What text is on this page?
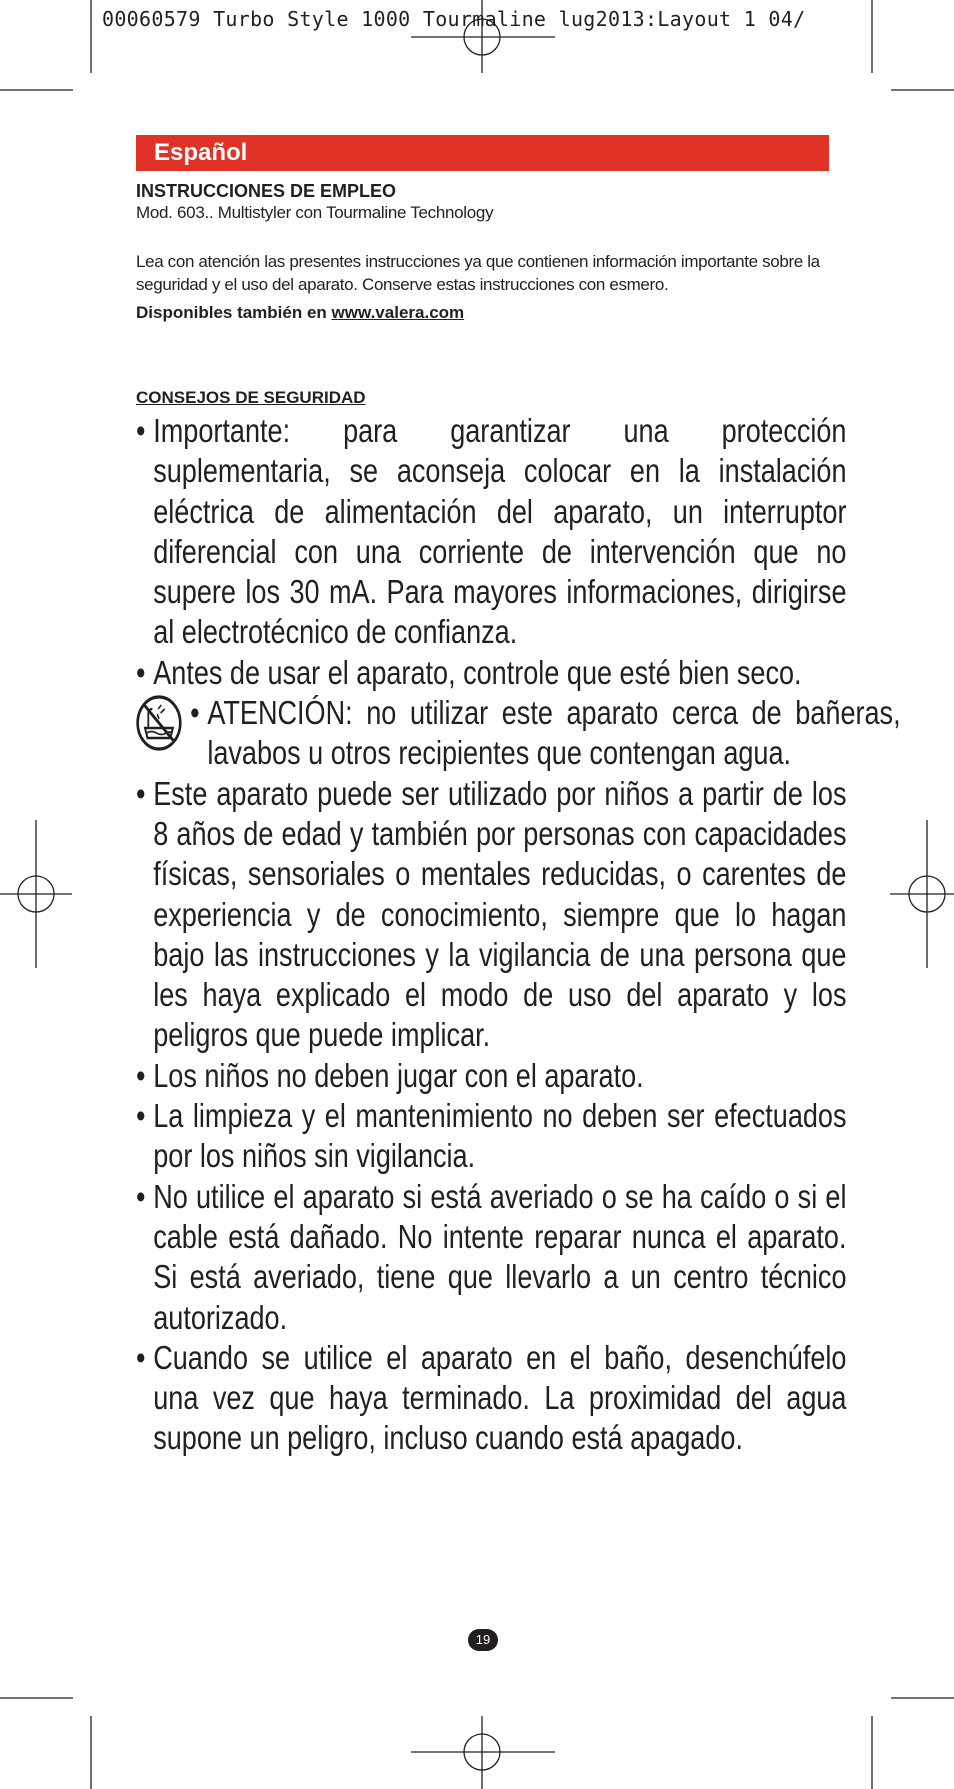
00060579 Turbo Style 1000 Tourmaline lug2013:Layout 1 04/
Español
INSTRUCCIONES DE EMPLEO
Mod. 603.. Multistyler con Tourmaline Technology
Lea con atención las presentes instrucciones ya que contienen información importante sobre la seguridad y el uso del aparato. Conserve estas instrucciones con esmero.
Disponibles también en www.valera.com
CONSEJOS DE SEGURIDAD
• Importante: para garantizar una protección suplementaria, se aconseja colocar en la instalación eléctrica de alimentación del aparato, un interruptor diferencial con una corriente de intervención que no supere los 30 mA. Para mayores informaciones, dirigirse al electrotécnico de confianza.
• Antes de usar el aparato, controle que esté bien seco.
• ATENCIÓN: no utilizar este aparato cerca de bañeras, lavabos u otros recipientes que contengan agua.
• Este aparato puede ser utilizado por niños a partir de los 8 años de edad y también por personas con capacidades físicas, sensoriales o mentales reducidas, o carentes de experiencia y de conocimiento, siempre que lo hagan bajo las instrucciones y la vigilancia de una persona que les haya explicado el modo de uso del aparato y los peligros que puede implicar.
• Los niños no deben jugar con el aparato.
• La limpieza y el mantenimiento no deben ser efectuados por los niños sin vigilancia.
• No utilice el aparato si está averiado o se ha caído o si el cable está dañado. No intente reparar nunca el aparato. Si está averiado, tiene que llevarlo a un centro técnico autorizado.
• Cuando se utilice el aparato en el baño, desenchúfelo una vez que haya terminado. La proximidad del agua supone un peligro, incluso cuando está apagado.
19
